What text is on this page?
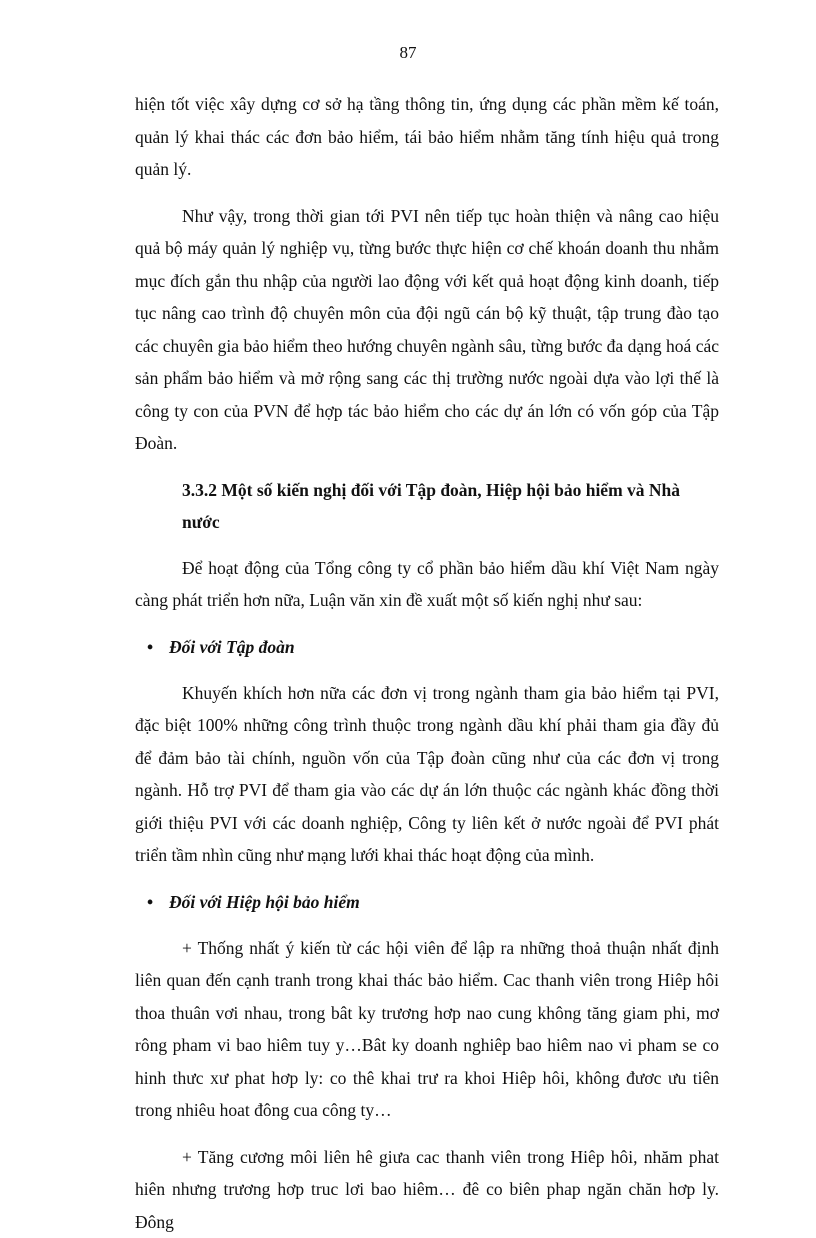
87

hiện tốt việc xây dựng cơ sở hạ tầng thông tin, ứng dụng các phần mềm kế toán, quản lý khai thác các đơn bảo hiểm, tái bảo hiểm nhằm tăng tính hiệu quả trong quản lý.

Như vậy, trong thời gian tới PVI nên tiếp tục hoàn thiện và nâng cao hiệu quả bộ máy quản lý nghiệp vụ, từng bước thực hiện cơ chế khoán doanh thu nhằm mục đích gắn thu nhập của người lao động với kết quả hoạt động kinh doanh, tiếp tục nâng cao trình độ chuyên môn của đội ngũ cán bộ kỹ thuật, tập trung đào tạo các chuyên gia bảo hiểm theo hướng chuyên ngành sâu, từng bước đa dạng hoá các sản phẩm bảo hiểm và mở rộng sang các thị trường nước ngoài dựa vào lợi thế là công ty con của PVN để hợp tác bảo hiểm cho các dự án lớn có vốn góp của Tập Đoàn.

3.3.2 Một số kiến nghị đối với Tập đoàn, Hiệp hội bảo hiểm và Nhà nước

Để hoạt động của Tổng công ty cổ phần bảo hiểm dầu khí Việt Nam ngày càng phát triển hơn nữa, Luận văn xin đề xuất một số kiến nghị như sau:

• Đối với Tập đoàn

Khuyến khích hơn nữa các đơn vị trong ngành tham gia bảo hiểm tại PVI, đặc biệt 100% những công trình thuộc trong ngành dầu khí phải tham gia đầy đủ để đảm bảo tài chính, nguồn vốn của Tập đoàn cũng như của các đơn vị trong ngành. Hỗ trợ PVI để tham gia vào các dự án lớn thuộc các ngành khác đồng thời giới thiệu PVI với các doanh nghiệp, Công ty liên kết ở nước ngoài để PVI phát triển tầm nhìn cũng như mạng lưới khai thác hoạt động của mình.

• Đối với Hiệp hội bảo hiểm

+ Thống nhất ý kiến từ các hội viên để lập ra những thoả thuận nhất định liên quan đến cạnh tranh trong khai thác bảo hiểm. Cac thanh viên trong Hiêp hôi thoa thuân vơi nhau, trong bât ky trương hơp nao cung không tăng giam phi, mơ rông pham vi bao hiêm tuy y…Bât ky doanh nghiêp bao hiêm nao vi pham se co hinh thưc xư phat hơp ly: co thê khai trư ra khoi Hiêp hôi, không đươc ưu tiên trong nhiêu hoat đông cua công ty…

+ Tăng cương môi liên hê giưa cac thanh viên trong Hiêp hôi, nhăm phat hiên nhưng trương hơp truc lơi bao hiêm… đê co biên phap ngăn chăn hơp ly. Đông
